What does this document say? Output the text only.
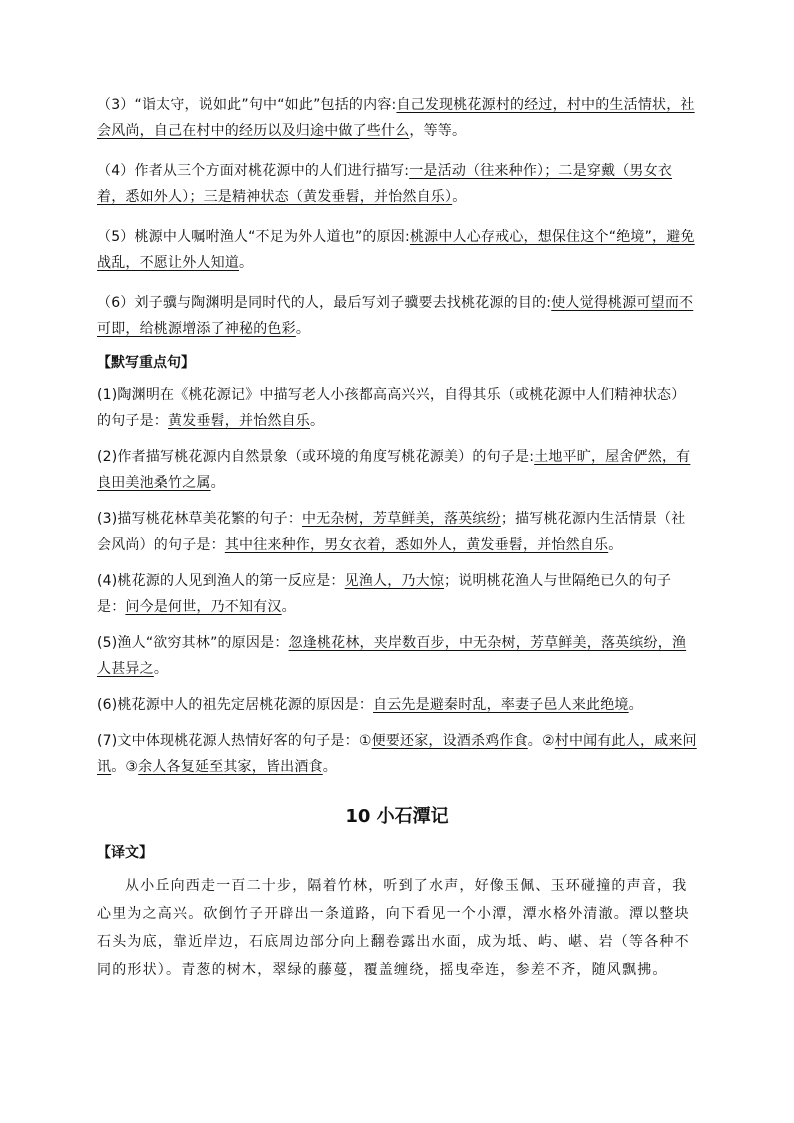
（3）“诣太守，说如此”句中“如此”包括的内容:自己发现桃花源村的经过，村中的生活情状，社会风尚，自己在村中的经历以及归途中做了些什么，等等。

（4）作者从三个方面对桃花源中的人们进行描写:一是活动（往来种作）；二是穿戴（男女衣着，悉如外人）；三是精神状态（黄发垂髫，并怡然自乐）。

（5）桃源中人嘱咐渔人“不足为外人道也”的原因:桃源中人心存戒心，想保住这个“绝境”，避免战乱，不愿让外人知道。

（6）刘子骥与陶渊明是同时代的人，最后写刘子骥要去找桃花源的目的:使人觉得桃源可望而不可即，给桃源增添了神秘的色彩。

【默写重点句】

(1)陶渊明在《桃花源记》中描写老人小孩都高高兴兴，自得其乐（或桃花源中人们精神状态）的句子是：黄发垂髫，并怡然自乐。

(2)作者描写桃花源内自然景象（或环境的角度写桃花源美）的句子是:土地平旷，屋舍俨然，有良田美池桑竹之属。

(3)描写桃花林草美花繁的句子：中无杂树，芳草鲜美，落英缤纷；描写桃花源内生活情景（社会风尚）的句子是：其中往来种作，男女衣着，悉如外人，黄发垂髫，并怡然自乐。

(4)桃花源的人见到渔人的第一反应是：见渔人，乃大惊；说明桃花渔人与世隔绝已久的句子是：问今是何世，乃不知有汉。

(5)渔人“欲穷其林”的原因是：忽逢桃花林，夹岸数百步，中无杂树，芳草鲜美，落英缤纷，渔人甚异之。

(6)桃花源中人的祖先定居桃花源的原因是：自云先是避秦时乱，率妻子邑人来此绝境。

(7)文中体现桃花源人热情好客的句子是：①便要还家，设酒杀鸡作食。②村中闻有此人，咸来问讯。③余人各复延至其家，皆出酒食。

10 小石潭记
【译文】

从小丘向西走一百二十步，隔着竹林，听到了水声，好像玉佩、玉环碰撞的声音，我心里为之高兴。砍倒竹子开辟出一条道路，向下看见一个小潭，潭水格外清澈。潭以整块石头为底，靠近岸边，石底周边部分向上翻卷露出水面，成为坻、屿、嵁、岩（等各种不同的形状）。青葱的树木，翠绿的藤蔓，覆盖缠绕，摇曳牵连，参差不齐，随风飘拂。
